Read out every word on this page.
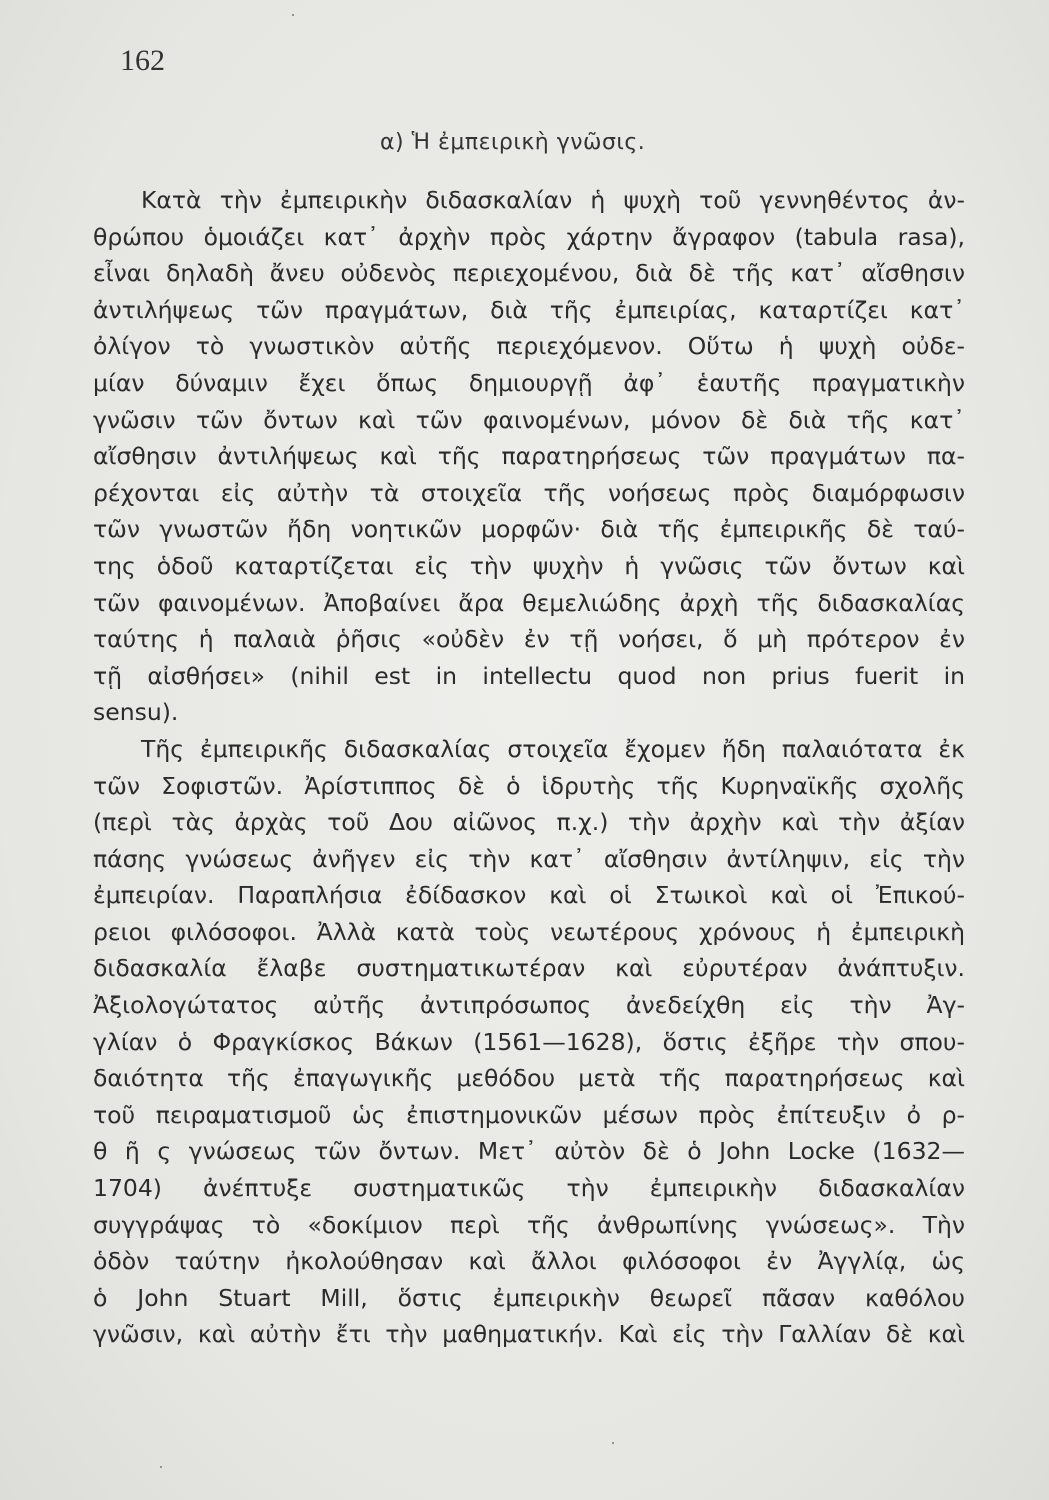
162
α) Ἡ ἐμπειρικὴ γνῶσις.
Κατὰ τὴν ἐμπειρικὴν διδασκαλίαν ἡ ψυχὴ τοῦ γεννηθέντος ἀν-
θρώπου ὁμοιάζει κατ᾽ ἀρχὴν πρὸς χάρτην ἄγραφον (tabula rasa),
εἶναι δηλαδὴ ἄνευ οὐδενὸς περιεχομένου, διὰ δὲ τῆς κατ᾽ αἴσθησιν
ἀντιλήψεως τῶν πραγμάτων, διὰ τῆς ἐμπειρίας, καταρτίζει κατ᾽
ὀλίγον τὸ γνωστικὸν αὐτῆς περιεχόμενον. Οὕτω ἡ ψυχὴ οὐδε-
μίαν δύναμιν ἔχει ὅπως δημιουργῇ ἀφ᾽ ἑαυτῆς πραγματικὴν
γνῶσιν τῶν ὄντων καὶ τῶν φαινομένων, μόνον δὲ διὰ τῆς κατ᾽
αἴσθησιν ἀντιλήψεως καὶ τῆς παρατηρήσεως τῶν πραγμάτων πα-
ρέχονται εἰς αὐτὴν τὰ στοιχεῖα τῆς νοήσεως πρὸς διαμόρφωσιν
τῶν γνωστῶν ἤδη νοητικῶν μορφῶν· διὰ τῆς ἐμπειρικῆς δὲ ταύ-
της ὁδοῦ καταρτίζεται εἰς τὴν ψυχὴν ἡ γνῶσις τῶν ὄντων καὶ
τῶν φαινομένων. Ἀποβαίνει ἄρα θεμελιώδης ἀρχὴ τῆς διδασκαλίας
ταύτης ἡ παλαιὰ ῥῆσις «οὐδὲν ἐν τῇ νοήσει, ὅ μὴ πρότερον ἐν
τῇ αἰσθήσει» (nihil est in intellectu quod non prius fuerit in
sensu).
Τῆς ἐμπειρικῆς διδασκαλίας στοιχεῖα ἔχομεν ἤδη παλαιότατα ἐκ
τῶν Σοφιστῶν. Ἀρίστιππος δὲ ὁ ἱδρυτὴς τῆς Κυρηναϊκῆς σχολῆς
(περὶ τὰς ἀρχὰς τοῦ Δου αἰῶνος π.χ.) τὴν ἀρχὴν καὶ τὴν ἀξίαν
πάσης γνώσεως ἀνῆγεν εἰς τὴν κατ᾽ αἴσθησιν ἀντίληψιν, εἰς τὴν
ἐμπειρίαν. Παραπλήσια ἐδίδασκον καὶ οἱ Στωικοὶ καὶ οἱ Ἐπικού-
ρειοι φιλόσοφοι. Ἀλλὰ κατὰ τοὺς νεωτέρους χρόνους ἡ ἐμπειρικὴ
διδασκαλία ἔλαβε συστηματικωτέραν καὶ εὐρυτέραν ἀνάπτυξιν.
Ἀξιολογώτατος αὐτῆς ἀντιπρόσωπος ἀνεδείχθη εἰς τὴν Ἀγ-
γλίαν ὁ Φραγκίσκος Βάκων (1561—1628), ὅστις ἐξῆρε τὴν σπου-
δαιότητα τῆς ἐπαγωγικῆς μεθόδου μετὰ τῆς παρατηρήσεως καὶ
τοῦ πειραματισμοῦ ὡς ἐπιστημονικῶν μέσων πρὸς ἐπίτευξιν ὀ ρ-
θ ῆ ς γνώσεως τῶν ὄντων. Μετ᾽ αὐτὸν δὲ ὁ John Locke (1632—
1704) ἀνέπτυξε συστηματικῶς τὴν ἐμπειρικὴν διδασκαλίαν
συγγράψας τὸ «δοκίμιον περὶ τῆς ἀνθρωπίνης γνώσεως». Τὴν
ὁδὸν ταύτην ἠκολούθησαν καὶ ἄλλοι φιλόσοφοι ἐν Ἀγγλίᾳ, ὡς
ὁ John Stuart Mill, ὅστις ἐμπειρικὴν θεωρεῖ πᾶσαν καθόλου
γνῶσιν, καὶ αὐτὴν ἔτι τὴν μαθηματικήν. Καὶ εἰς τὴν Γαλλίαν δὲ καὶ
